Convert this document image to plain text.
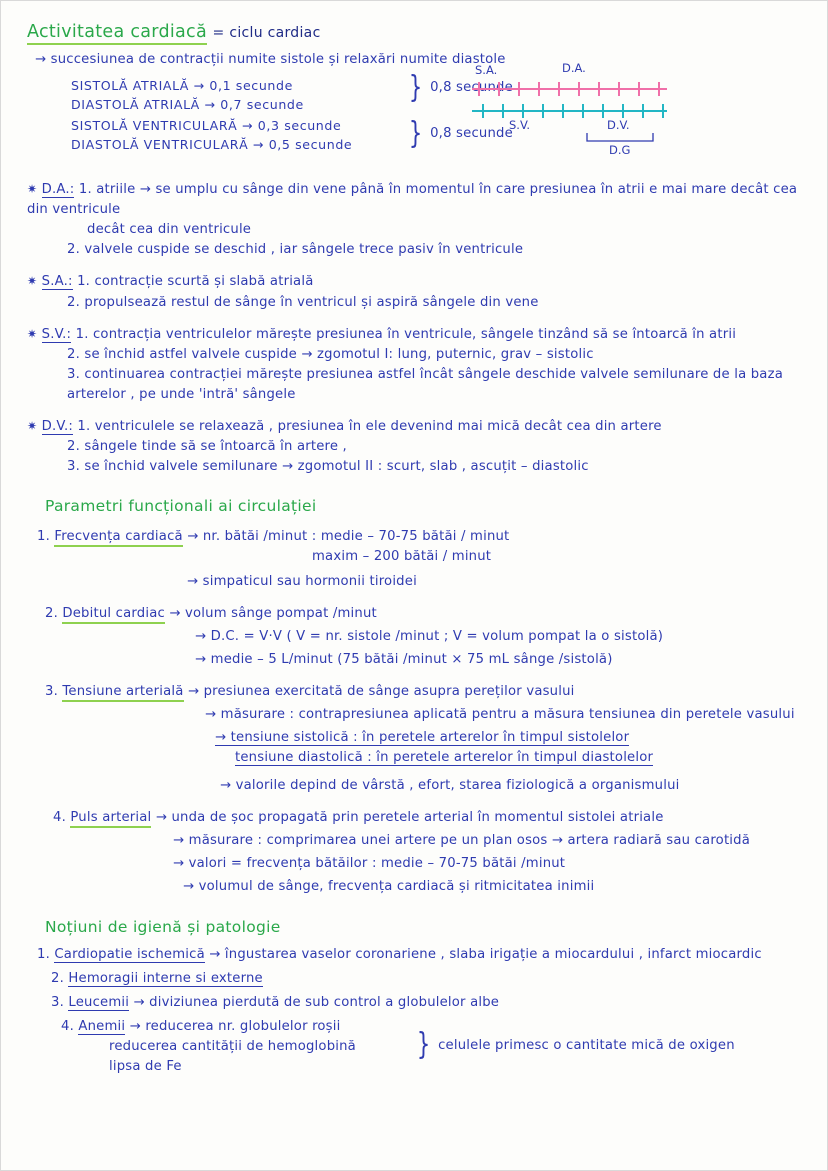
Activitatea cardiacă = ciclu cardiac
→ succesiunea de contracții numite sistole și relaxări numite diastole
SISTOLĂ ATRIALĂ → 0,1 secunde
DIASTOLĂ ATRIALĂ → 0,7 secunde
SISTOLĂ VENTRICULARĂ → 0,3 secunde
DIASTOLĂ VENTRICULARĂ → 0,5 secunde
} 0,8 secunde
} 0,8 secunde
S.A.	D.A.
S.V.	D.V.
D.G
✷ D.A.: 1. atriile → se umplu cu sânge din vene până în momentul în care presiunea în atrii e mai mare decât cea din ventricule
decât cea din ventricule
2. valvele cuspide se deschid , iar sângele trece pasiv în ventricule
✷ S.A.: 1. contracție scurtă și slabă atrială
2. propulsează restul de sânge în ventricul și aspiră sângele din vene
✷ S.V.: 1. contracția ventriculelor mărește presiunea în ventricule, sângele tinzând să se întoarcă în atrii
2. se închid astfel valvele cuspide → zgomotul I: lung, puternic, grav – sistolic
3. continuarea contracției mărește presiunea astfel încât sângele deschide valvele semilunare de la baza arterelor , pe unde 'intră' sângele
✷ D.V.: 1. ventriculele se relaxează , presiunea în ele devenind mai mică decât cea din artere
2. sângele tinde să se întoarcă în artere ,
3. se închid valvele semilunare → zgomotul II : scurt, slab , ascuțit – diastolic
Parametri funcționali ai circulației
1. Frecvența cardiacă → nr. bătăi /minut : medie – 70-75 bătăi / minut
maxim – 200 bătăi / minut
→ simpaticul sau hormonii tiroidei
2. Debitul cardiac → volum sânge pompat /minut
→ D.C. = V·V ( V = nr. sistole /minut ; V = volum pompat la o sistolă)
→ medie – 5 L/minut (75 bătăi /minut × 75 mL sânge /sistolă)
3. Tensiune arterială → presiunea exercitată de sânge asupra pereților vasului
→ măsurare : contrapresiunea aplicată pentru a măsura tensiunea din peretele vasului
→ tensiune sistolică : în peretele arterelor în timpul sistolelor
tensiune diastolică : în peretele arterelor în timpul diastolelor
→ valorile depind de vârstă , efort, starea fiziologică a organismului
4. Puls arterial → unda de șoc propagată prin peretele arterial în momentul sistolei atriale
→ măsurare : comprimarea unei artere pe un plan osos → artera radiară sau carotidă
→ valori = frecvența bătăilor : medie – 70-75 bătăi /minut
→ volumul de sânge, frecvența cardiacă și ritmicitatea inimii
Noțiuni de igienă și patologie
1. Cardiopatie ischemică → îngustarea vaselor coronariene , slaba irigație a miocardului , infarct miocardic
2. Hemoragii interne si externe
3. Leucemii → diviziunea pierdută de sub control a globulelor albe
4. Anemii → reducerea nr. globulelor roșii
reducerea cantității de hemoglobină
lipsa de Fe
} celulele primesc o cantitate mică de oxigen
